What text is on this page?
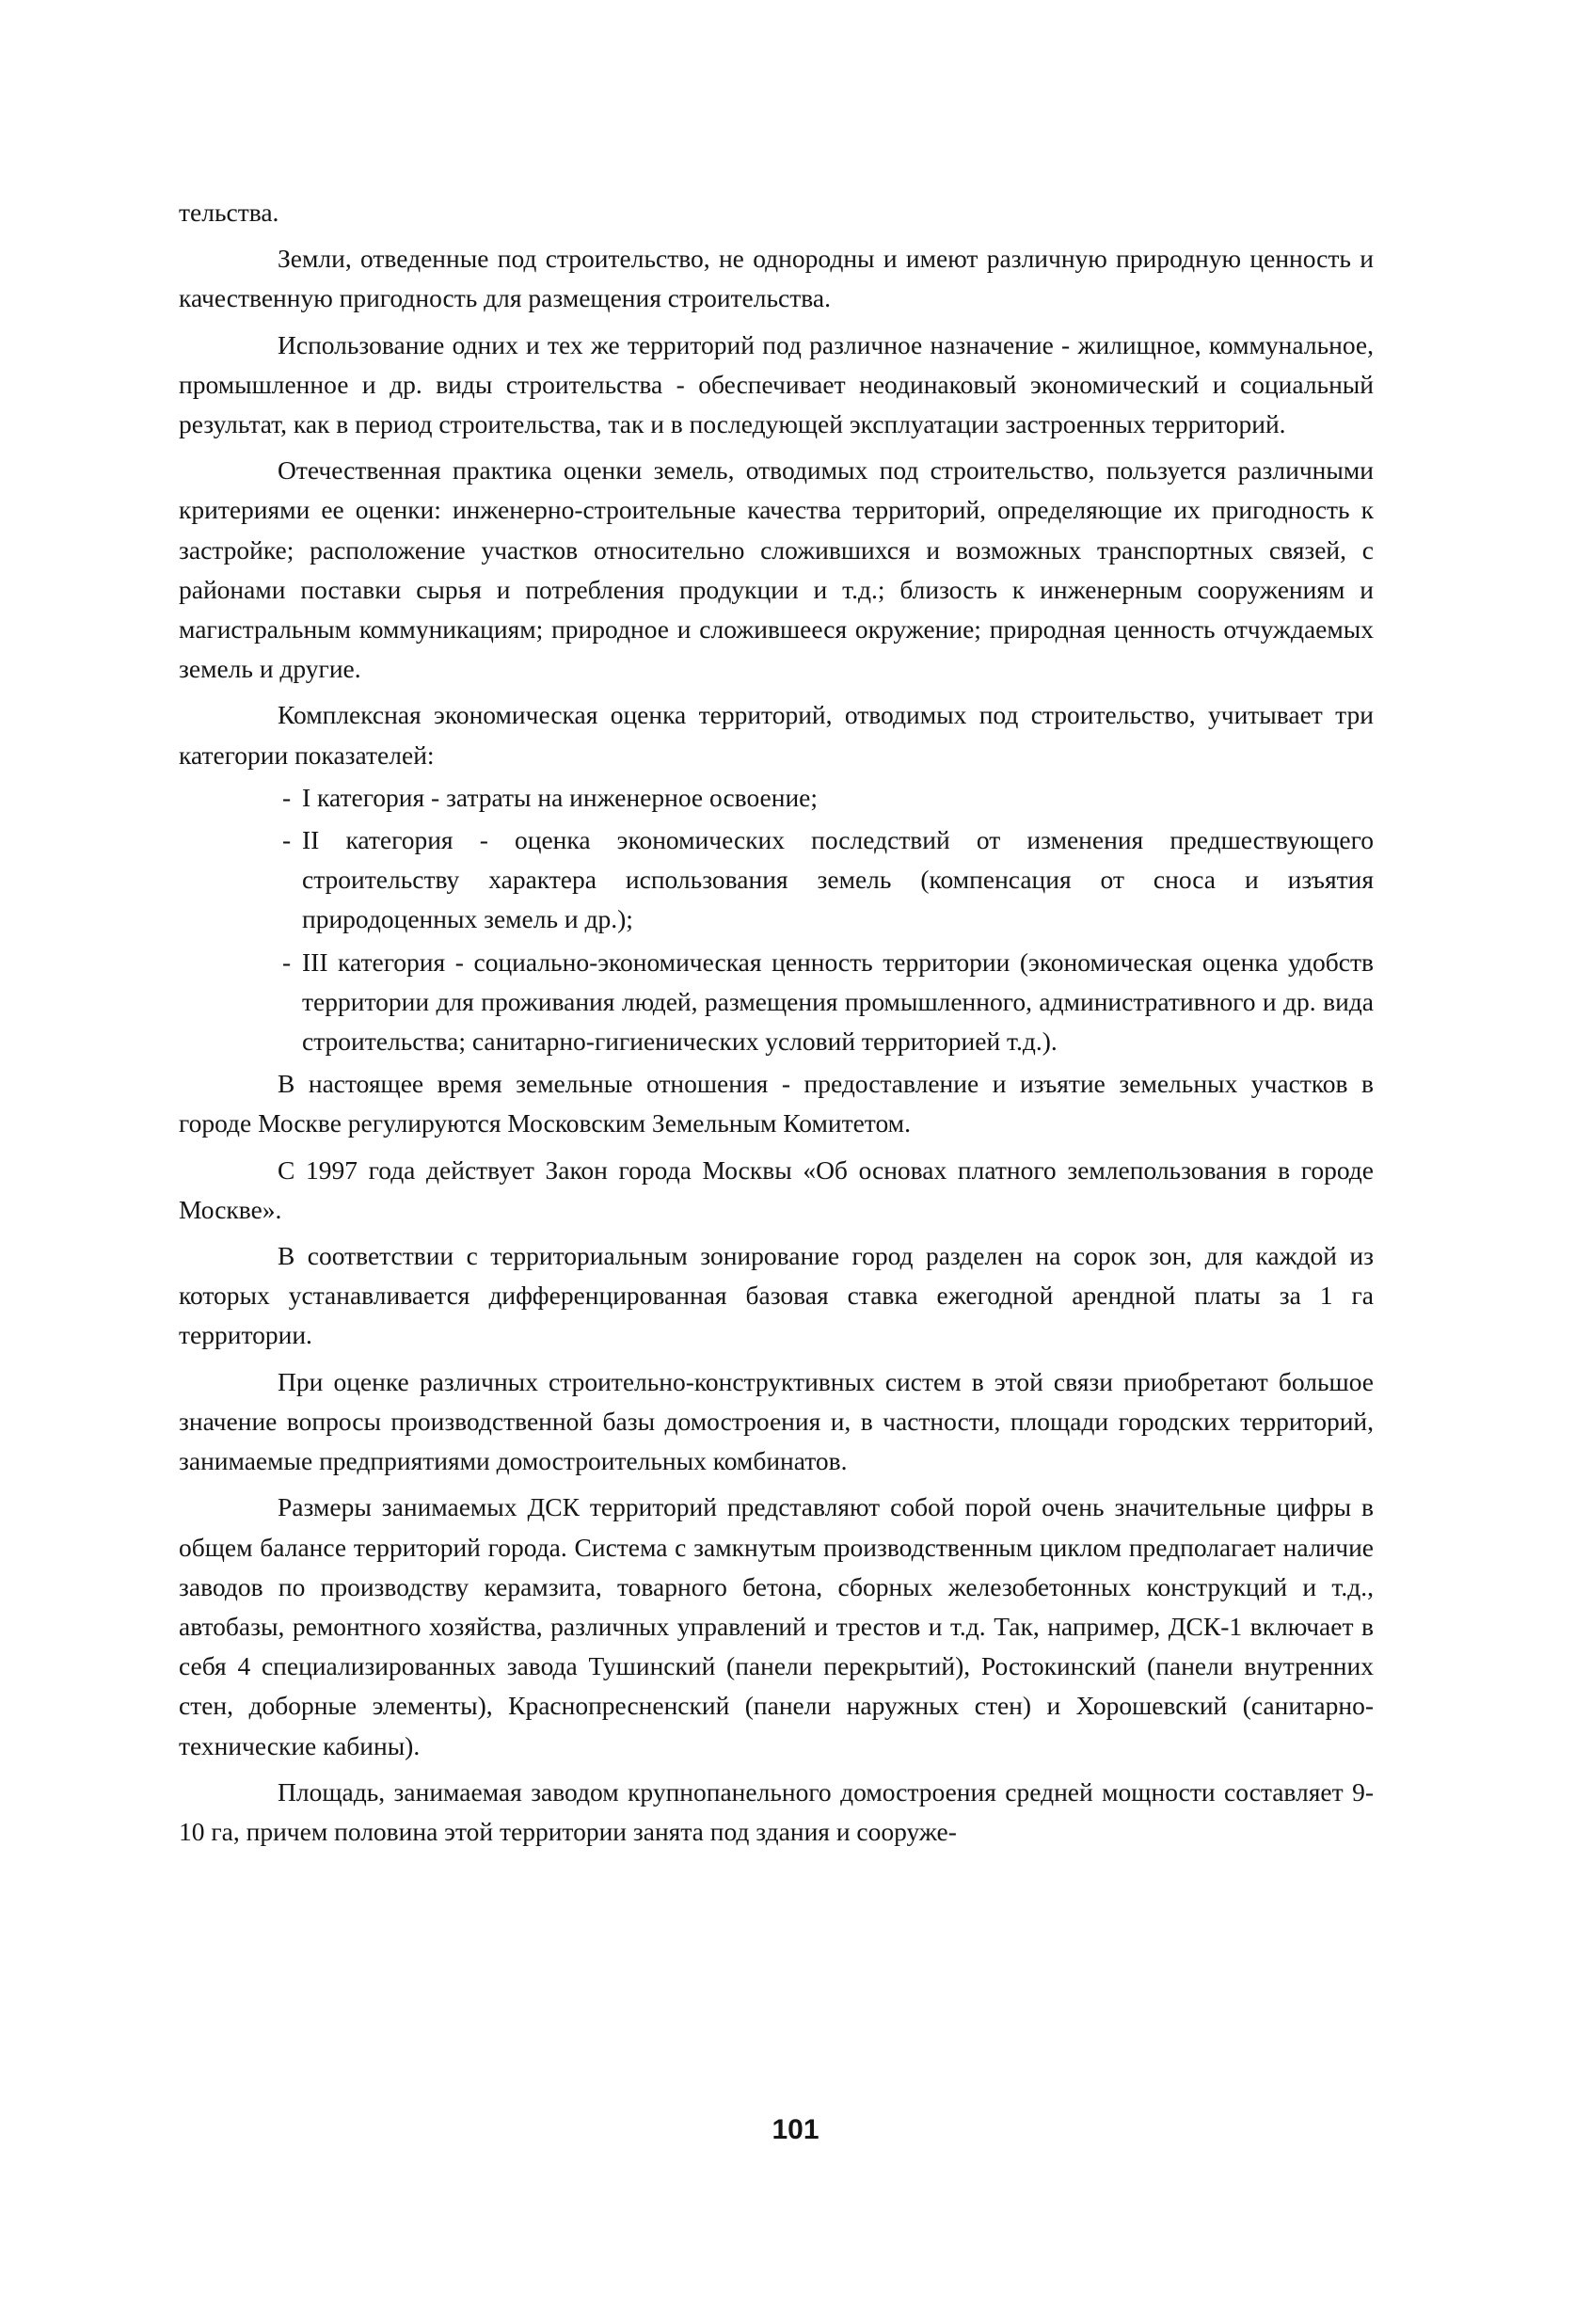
тельства.

Земли, отведенные под строительство, не однородны и имеют различную природную ценность и качественную пригодность для размещения строительства.

Использование одних и тех же территорий под различное назначение - жилищное, коммунальное, промышленное и др. виды строительства - обеспечивает неодинаковый экономический и социальный результат, как в период строительства, так и в последующей эксплуатации застроенных территорий.

Отечественная практика оценки земель, отводимых под строительство, пользуется различными критериями ее оценки: инженерно-строительные качества территорий, определяющие их пригодность к застройке; расположение участков относительно сложившихся и возможных транспортных связей, с районами поставки сырья и потребления продукции и т.д.; близость к инженерным сооружениям и магистральным коммуникациям; природное и сложившееся окружение; природная ценность отчуждаемых земель и другие.

Комплексная экономическая оценка территорий, отводимых под строительство, учитывает три категории показателей:

- I категория - затраты на инженерное освоение;
- II категория - оценка экономических последствий от изменения предшествующего строительству характера использования земель (компенсация от сноса и изъятия природоценных земель и др.);
- III категория - социально-экономическая ценность территории (экономическая оценка удобств территории для проживания людей, размещения промышленного, административного и др. вида строительства; санитарно-гигиенических условий территорией т.д.).

В настоящее время земельные отношения - предоставление и изъятие земельных участков в городе Москве регулируются Московским Земельным Комитетом.

С 1997 года действует Закон города Москвы «Об основах платного землепользования в городе Москве».

В соответствии с территориальным зонирование город разделен на сорок зон, для каждой из которых устанавливается дифференцированная базовая ставка ежегодной арендной платы за 1 га территории.

При оценке различных строительно-конструктивных систем в этой связи приобретают большое значение вопросы производственной базы домостроения и, в частности, площади городских территорий, занимаемые предприятиями домостроительных комбинатов.

Размеры занимаемых ДСК территорий представляют собой порой очень значительные цифры в общем балансе территорий города. Система с замкнутым производственным циклом предполагает наличие заводов по производству керамзита, товарного бетона, сборных железобетонных конструкций и т.д., автобазы, ремонтного хозяйства, различных управлений и трестов и т.д. Так, например, ДСК-1 включает в себя 4 специализированных завода Тушинский (панели перекрытий), Ростокинский (панели внутренних стен, доборные элементы), Краснопресненский (панели наружных стен) и Хорошевский (санитарно-технические кабины).

Площадь, занимаемая заводом крупнопанельного домостроения средней мощности составляет 9-10 га, причем половина этой территории занята под здания и сооруже-

101
